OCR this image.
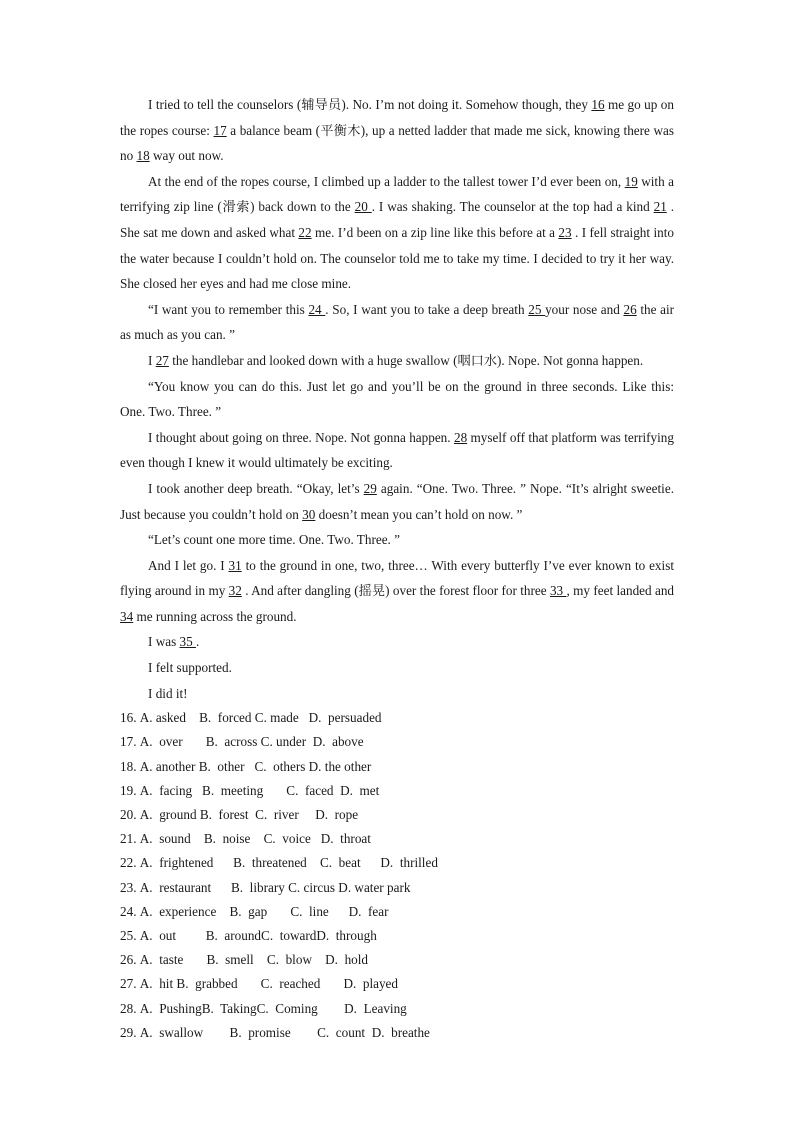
I tried to tell the counselors (辅导员). No. I’m not doing it. Somehow though, they 16 me go up on the ropes course: 17 a balance beam (平衡木), up a netted ladder that made me sick, knowing there was no 18 way out now.

At the end of the ropes course, I climbed up a ladder to the tallest tower I’d ever been on, 19 with a terrifying zip line (滑索) back down to the 20 . I was shaking. The counselor at the top had a kind 21 . She sat me down and asked what 22 me. I’d been on a zip line like this before at a 23 . I fell straight into the water because I couldn’t hold on. The counselor told me to take my time. I decided to try it her way. She closed her eyes and had me close mine.

“I want you to remember this 24 . So, I want you to take a deep breath 25 your nose and 26 the air as much as you can. ”

I 27 the handlebar and looked down with a huge swallow (咽口水). Nope. Not gonna happen.

“You know you can do this. Just let go and you’ll be on the ground in three seconds. Like this: One. Two. Three. ”

I thought about going on three. Nope. Not gonna happen. 28 myself off that platform was terrifying even though I knew it would ultimately be exciting.

I took another deep breath. “Okay, let’s 29 again. “One. Two. Three. ” Nope. “It’s alright sweetie. Just because you couldn’t hold on 30 doesn’t mean you can’t hold on now. ”

“Let’s count one more time. One. Two. Three. ”

And I let go. I 31 to the ground in one, two, three… With every butterfly I’ve ever known to exist flying around in my 32 . And after dangling (摇晃) over the forest floor for three 33 , my feet landed and 34 me running across the ground.

I was 35 .

I felt supported.

I did it!

16. A. asked    B.  forced C. made   D.  persuaded
17. A.  over       B.  across C. under  D.  above
18. A. another B.  other   C.  others D. the other
19. A.  facing   B.  meeting       C.  faced  D.  met
20. A.  ground B.  forest  C.  river     D.  rope
21. A.  sound    B.  noise    C.  voice   D.  throat
22. A.  frightened      B.  threatened    C.  beat      D.  thrilled
23. A.  restaurant      B.  library C. circus D. water park
24. A.  experience    B.  gap       C.  line      D.  fear
25. A.  out         B.  aroundC.  towardD.  through
26. A.  taste       B.  smell    C.  blow    D.  hold
27. A.  hit B.  grabbed       C.  reached       D.  played
28. A.  PushingB.  TakingC.  Coming        D.  Leaving
29. A.  swallow        B.  promise        C.  count  D.  breathe
